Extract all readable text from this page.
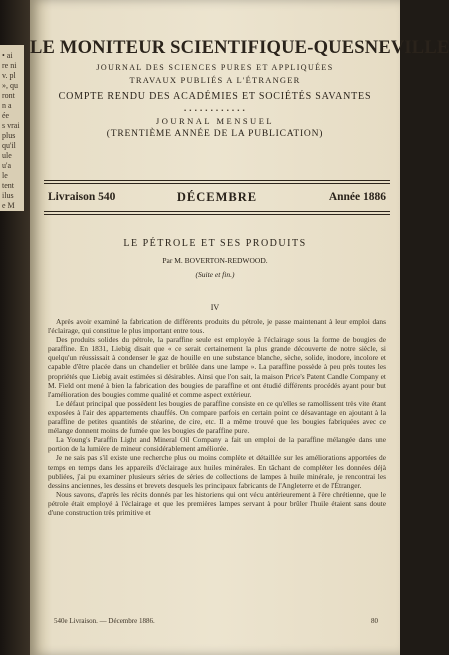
• ai
re ni
v. pl
», qu
ront
n a
ée
s vrai
plus
qu'il
ule
u'a
le
tent
ilus
e M
LE MONITEUR SCIENTIFIQUE-QUESNEVILLE
JOURNAL DES SCIENCES PURES ET APPLIQUÉES
TRAVAUX PUBLIÉS A L'ÉTRANGER
COMPTE RENDU DES ACADÉMIES ET SOCIÉTÉS SAVANTES
▪ ▪ ▪ ▪ ▪ ▪ ▪ ▪ ▪ ▪ ▪ ▪
JOURNAL MENSUEL
(TRENTIÈME ANNÉE DE LA PUBLICATION)
Livraison 540	DÉCEMBRE	Année 1886
LE PÉTROLE ET SES PRODUITS
Par M. BOVERTON-REDWOOD.
(Suite et fin.)
IV

Après avoir examiné la fabrication de différents produits du pétrole, je passe maintenant à leur emploi dans l'éclairage, qui constitue le plus important entre tous.

Des produits solides du pétrole, la paraffine seule est employée à l'éclairage sous la forme de bougies de paraffine. En 1831, Liebig disait que « ce serait certainement la plus grande découverte de notre siècle, si quelqu'un réussissait à condenser le gaz de houille en une substance blanche, sèche, solide, inodore, incolore et capable d'être placée dans un chandelier et brûlée dans une lampe ». La paraffine possède à peu près toutes les propriétés que Liebig avait estimées si désirables. Ainsi que l'on sait, la maison Price's Patent Candle Company et M. Field ont mené à bien la fabrication des bougies de paraffine et ont étudié différents procédés ayant pour but l'amélioration des bougies comme qualité et comme aspect extérieur.

Le défaut principal que possèdent les bougies de paraffine consiste en ce qu'elles se ramollissent très vite étant exposées à l'air des appartements chauffés. On compare parfois en certain point ce désavantage en ajoutant à la paraffine de petites quantités de stéarine, de cire, etc. Il a même trouvé que les bougies fabriquées avec ce mélange donnent moins de fumée que les bougies de paraffine pure.

La Young's Paraffin Light and Mineral Oil Company a fait un emploi de la paraffine mélangée dans une portion de la lumière de mineur considérablement améliorée.

Je ne sais pas s'il existe une recherche plus ou moins complète et détaillée sur les améliorations apportées de temps en temps dans les appareils d'éclairage aux huiles minérales. En tâchant de compléter les données déjà publiées, j'ai pu examiner plusieurs séries de séries de collections de lampes à huile minérale, je rencontrai les dessins anciennes, les dessins et brevets desquels les principaux fabricants de l'Angleterre et de l'Étranger.

Nous savons, d'après les récits donnés par les historiens qui ont vécu antérieurement à l'ère chrétienne, que le pétrole était employé à l'éclairage et que les premières lampes servant à pour brûler l'huile étaient sans doute d'une construction très primitive et

540e Livraison. — Décembre 1886.	80
